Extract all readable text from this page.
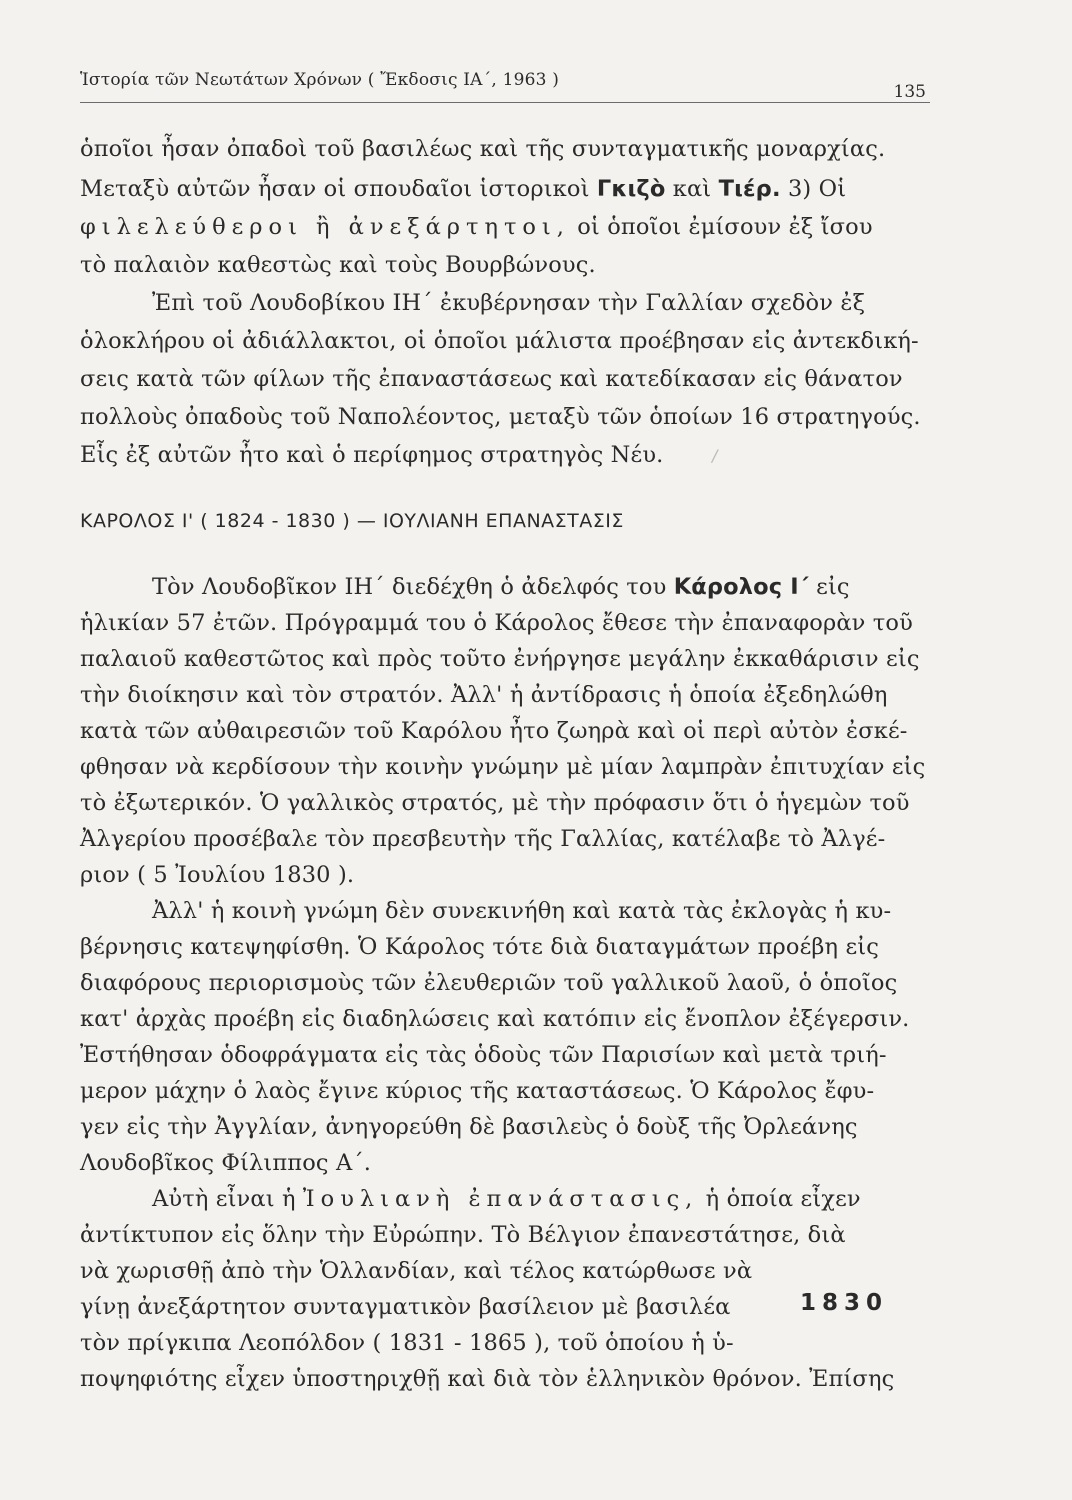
Ἱστορία τῶν Νεωτάτων Χρόνων ( Ἔκδοσις ΙΑ΄, 1963 )
135
ὁποῖοι ἦσαν ὀπαδοὶ τοῦ βασιλέως καὶ τῆς συνταγματικῆς μοναρχίας.
Μεταξὺ αὐτῶν ἦσαν οἱ σπουδαῖοι ἱστορικοὶ Γκιζὸ καὶ Τιέρ. 3) Οἱ
φιλελεύθεροι ἢ ἀνεξάρτητοι, οἱ ὁποῖοι ἐμίσουν ἐξ ἴσου
τὸ παλαιὸν καθεστὼς καὶ τοὺς Βουρβώνους.
Ἐπὶ τοῦ Λουδοβίκου ΙΗ΄ ἐκυβέρνησαν τὴν Γαλλίαν σχεδὸν ἐξ
ὁλοκλήρου οἱ ἀδιάλλακτοι, οἱ ὁποῖοι μάλιστα προέβησαν εἰς ἀντεκδική-
σεις κατὰ τῶν φίλων τῆς ἐπαναστάσεως καὶ κατεδίκασαν εἰς θάνατον
πολλοὺς ὀπαδοὺς τοῦ Ναπολέοντος, μεταξὺ τῶν ὁποίων 16 στρατηγούς.
Εἷς ἐξ αὐτῶν ἦτο καὶ ὁ περίφημος στρατηγὸς Νέυ.	/
ΚΑΡΟΛΟΣ Ι' ( 1824 - 1830 ) — ΙΟΥΛΙΑΝΗ ΕΠΑΝΑΣΤΑΣΙΣ
Τὸν Λουδοβῖκον ΙΗ΄ διεδέχθη ὁ ἀδελφός του Κάρολος Ι΄ εἰς
ἡλικίαν 57 ἐτῶν. Πρόγραμμά του ὁ Κάρολος ἔθεσε τὴν ἐπαναφορὰν τοῦ
παλαιοῦ καθεστῶτος καὶ πρὸς τοῦτο ἐνήργησε μεγάλην ἐκκαθάρισιν εἰς
τὴν διοίκησιν καὶ τὸν στρατόν. Ἀλλ' ἡ ἀντίδρασις ἡ ὁποία ἐξεδηλώθη
κατὰ τῶν αὐθαιρεσιῶν τοῦ Καρόλου ἦτο ζωηρὰ καὶ οἱ περὶ αὐτὸν ἐσκέ-
φθησαν νὰ κερδίσουν τὴν κοινὴν γνώμην μὲ μίαν λαμπρὰν ἐπιτυχίαν εἰς
τὸ ἐξωτερικόν. Ὁ γαλλικὸς στρατός, μὲ τὴν πρόφασιν ὅτι ὁ ἡγεμὼν τοῦ
Ἀλγερίου προσέβαλε τὸν πρεσβευτὴν τῆς Γαλλίας, κατέλαβε τὸ Ἀλγέ-
ριον ( 5 Ἰουλίου 1830 ).
Ἀλλ' ἡ κοινὴ γνώμη δὲν συνεκινήθη καὶ κατὰ τὰς ἐκλογὰς ἡ κυ-
βέρνησις κατεψηφίσθη. Ὁ Κάρολος τότε διὰ διαταγμάτων προέβη εἰς
διαφόρους περιορισμοὺς τῶν ἐλευθεριῶν τοῦ γαλλικοῦ λαοῦ, ὁ ὁποῖος
κατ' ἀρχὰς προέβη εἰς διαδηλώσεις καὶ κατόπιν εἰς ἔνοπλον ἐξέγερσιν.
Ἐστήθησαν ὁδοφράγματα εἰς τὰς ὁδοὺς τῶν Παρισίων καὶ μετὰ τριή-
μερον μάχην ὁ λαὸς ἔγινε κύριος τῆς καταστάσεως. Ὁ Κάρολος ἔφυ-
γεν εἰς τὴν Ἀγγλίαν, ἀνηγορεύθη δὲ βασιλεὺς ὁ δοὺξ τῆς Ὀρλεάνης
Λουδοβῖκος Φίλιππος Α΄.
Αὐτὴ εἶναι ἡ Ἰουλιανὴ ἐπανάστασις, ἡ ὁποία εἶχεν
ἀντίκτυπον εἰς ὅλην τὴν Εὐρώπην. Τὸ Βέλγιον ἐπανεστάτησε, διὰ
νὰ χωρισθῇ ἀπὸ τὴν Ὁλλανδίαν, καὶ τέλος κατώρθωσε νὰ
γίνῃ ἀνεξάρτητον συνταγματικὸν βασίλειον μὲ βασιλέα
τὸν πρίγκιπα Λεοπόλδον ( 1831 - 1865 ), τοῦ ὁποίου ἡ ὑ-
ποψηφιότης εἶχεν ὑποστηριχθῇ καὶ διὰ τὸν ἑλληνικὸν θρόνον. Ἐπίσης
1830
